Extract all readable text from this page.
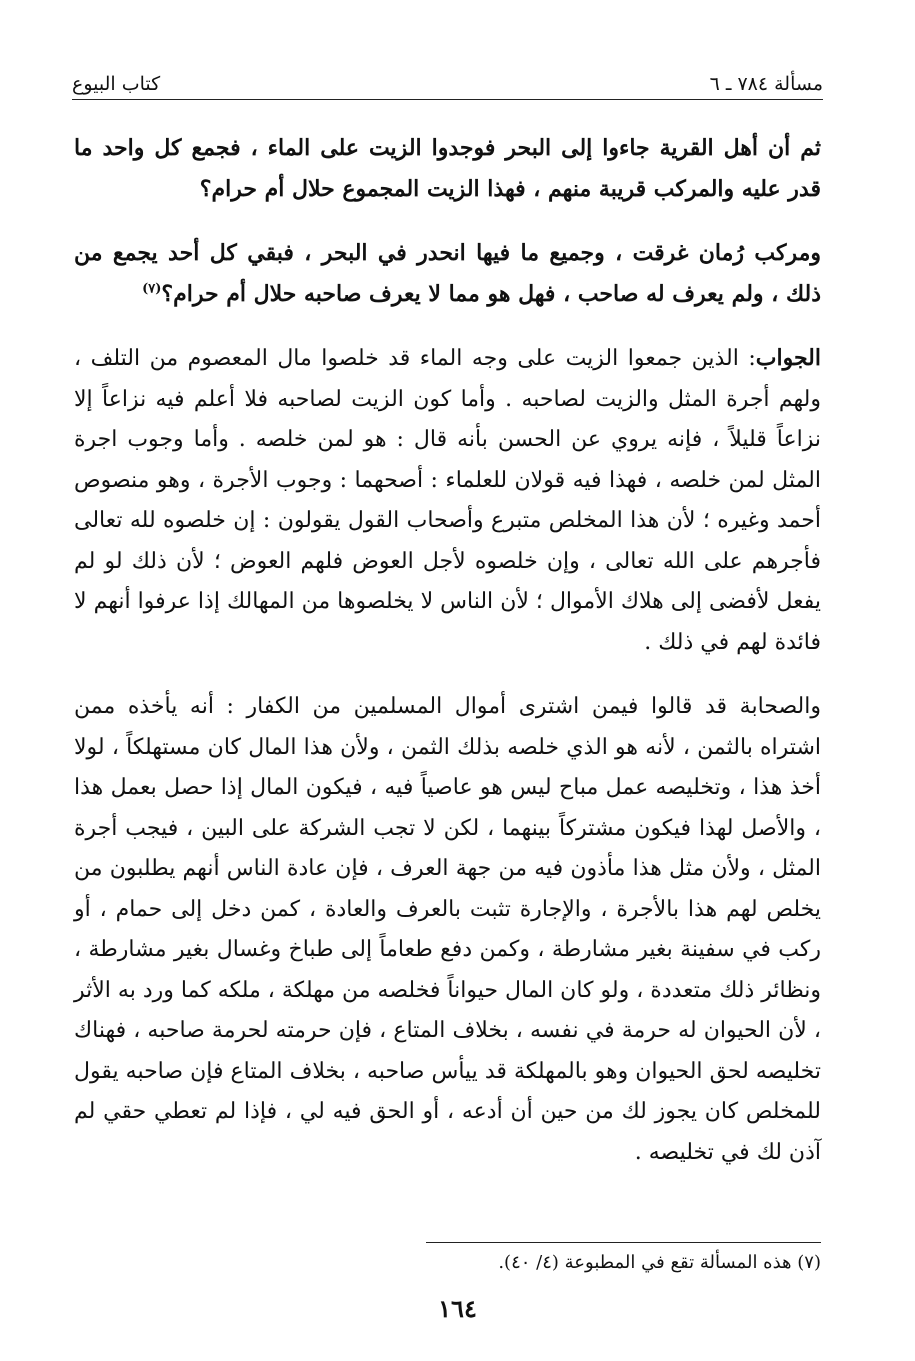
مسألة ٧٨٤ ـ ٦
كتاب البيوع

ثم أن أهل القرية جاءوا إلى البحر فوجدوا الزيت على الماء ، فجمع كل واحد ما قدر عليه والمركب قريبة منهم ، فهذا الزيت المجموع حلال أم حرام؟

ومركب رُمان غرقت ، وجميع ما فيها انحدر في البحر ، فبقي كل أحد يجمع من ذلك ، ولم يعرف له صاحب ، فهل هو مما لا يعرف صاحبه حلال أم حرام؟$^{(٧)}$

الجواب: الذين جمعوا الزيت على وجه الماء قد خلصوا مال المعصوم من التلف ، ولهم أجرة المثل والزيت لصاحبه . وأما كون الزيت لصاحبه فلا أعلم فيه نزاعاً إلا نزاعاً قليلاً ، فإنه يروي عن الحسن بأنه قال : هو لمن خلصه . وأما وجوب اجرة المثل لمن خلصه ، فهذا فيه قولان للعلماء : أصحهما : وجوب الأجرة ، وهو منصوص أحمد وغيره ؛ لأن هذا المخلص متبرع وأصحاب القول يقولون : إن خلصوه لله تعالى فأجرهم على الله تعالى ، وإن خلصوه لأجل العوض فلهم العوض ؛ لأن ذلك لو لم يفعل لأفضى إلى هلاك الأموال ؛ لأن الناس لا يخلصوها من المهالك إذا عرفوا أنهم لا فائدة لهم في ذلك .

والصحابة قد قالوا فيمن اشترى أموال المسلمين من الكفار : أنه يأخذه ممن اشتراه بالثمن ، لأنه هو الذي خلصه بذلك الثمن ، ولأن هذا المال كان مستهلكاً ، لولا أخذ هذا ، وتخليصه عمل مباح ليس هو عاصياً فيه ، فيكون المال إذا حصل بعمل هذا ، والأصل لهذا فيكون مشتركاً بينهما ، لكن لا تجب الشركة على البين ، فيجب أجرة المثل ، ولأن مثل هذا مأذون فيه من جهة العرف ، فإن عادة الناس أنهم يطلبون من يخلص لهم هذا بالأجرة ، والإجارة تثبت بالعرف والعادة ، كمن دخل إلى حمام ، أو ركب في سفينة بغير مشارطة ، وكمن دفع طعاماً إلى طباخ وغسال بغير مشارطة ، ونظائر ذلك متعددة ، ولو كان المال حيواناً فخلصه من مهلكة ، ملكه كما ورد به الأثر ، لأن الحيوان له حرمة في نفسه ، بخلاف المتاع ، فإن حرمته لحرمة صاحبه ، فهناك تخليصه لحق الحيوان وهو بالمهلكة قد ييأس صاحبه ، بخلاف المتاع فإن صاحبه يقول للمخلص كان يجوز لك من حين أن أدعه ، أو الحق فيه لي ، فإذا لم تعطي حقي لم آذن لك في تخليصه .

(٧) هذه المسألة تقع في المطبوعة (٤/ ٤٠).
١٦٤
